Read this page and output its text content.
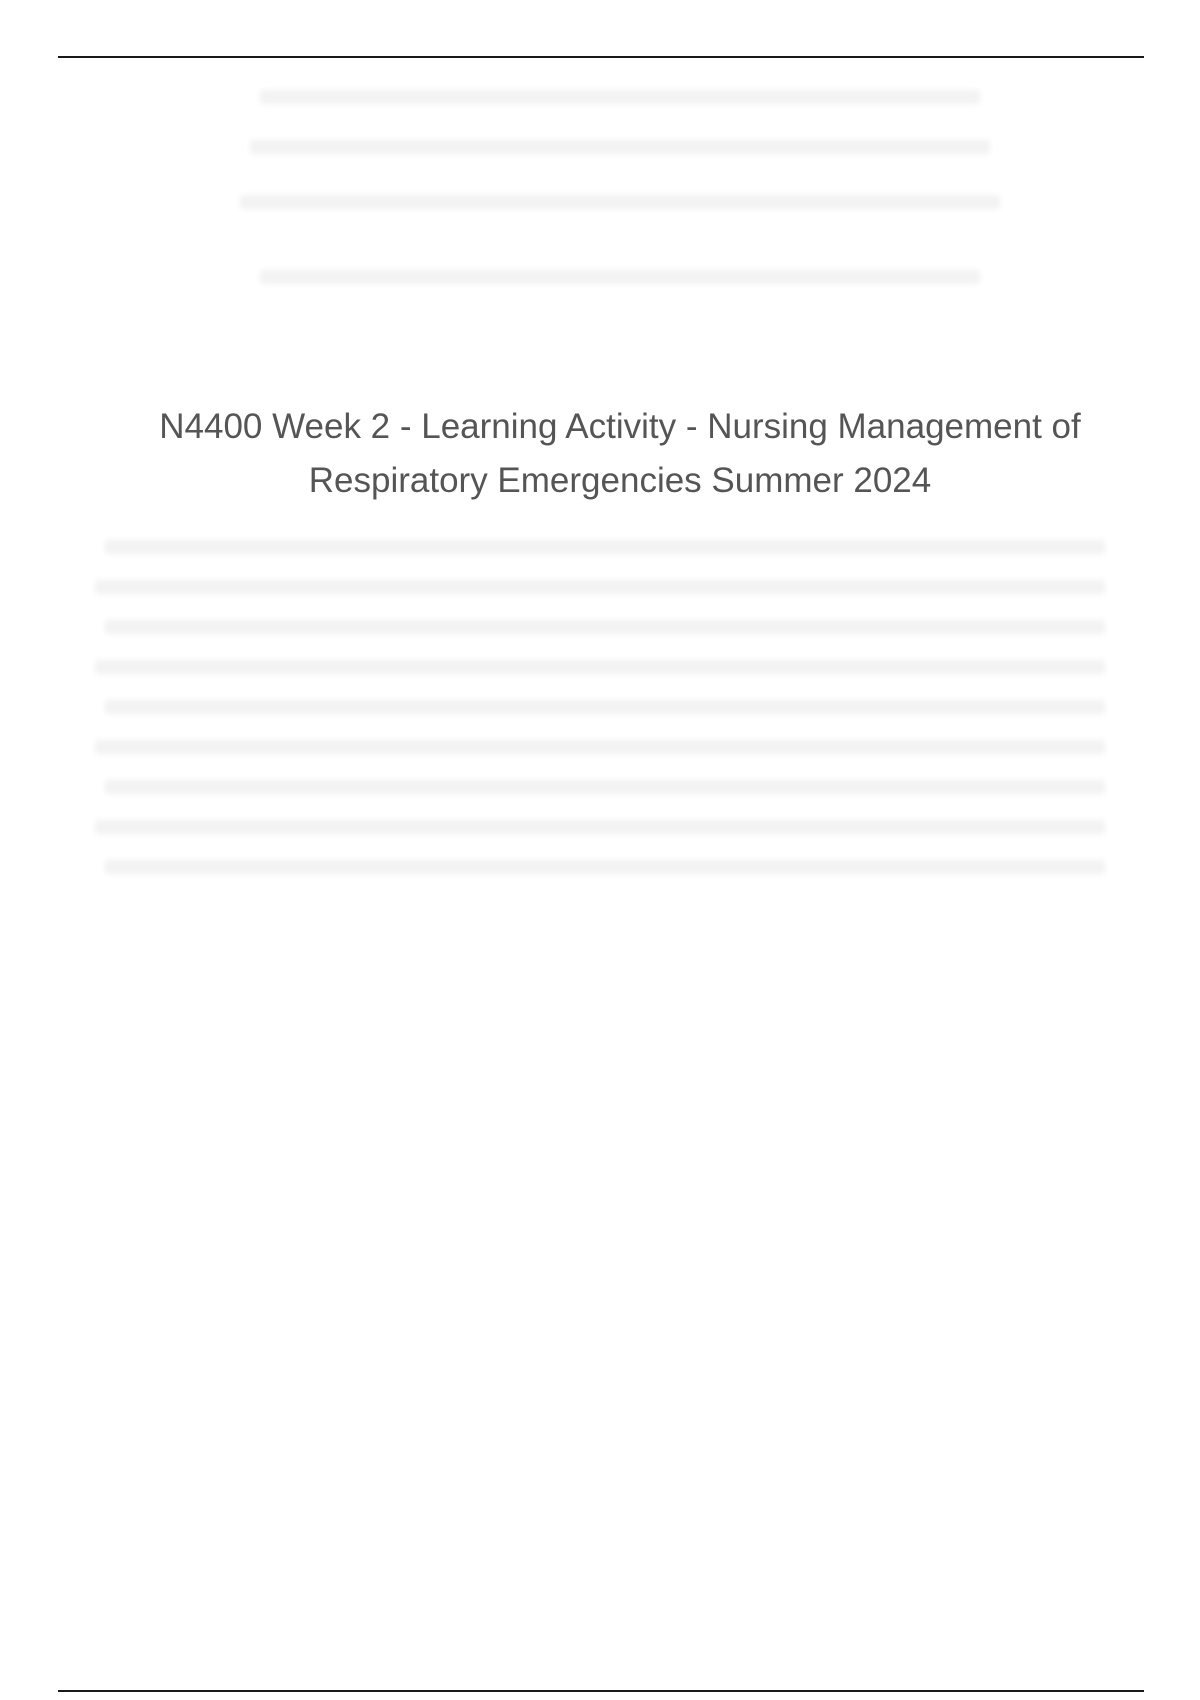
N4400 Week 2 - Learning Activity - Nursing Management of Respiratory Emergencies Summer 2024
